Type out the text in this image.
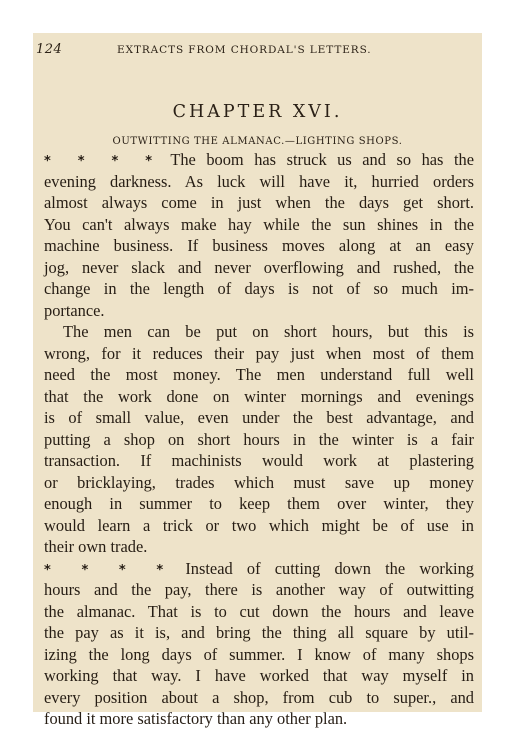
124	EXTRACTS FROM CHORDAL'S LETTERS.
CHAPTER XVI.
OUTWITTING THE ALMANAC.—LIGHTING SHOPS.
* * * * The boom has struck us and so has the
evening darkness. As luck will have it, hurried orders
almost always come in just when the days get short.
You can't always make hay while the sun shines in the
machine business. If business moves along at an easy
jog, never slack and never overflowing and rushed, the
change in the length of days is not of so much im-
portance.
The men can be put on short hours, but this is
wrong, for it reduces their pay just when most of them
need the most money. The men understand full well
that the work done on winter mornings and evenings
is of small value, even under the best advantage, and
putting a shop on short hours in the winter is a fair
transaction. If machinists would work at plastering
or bricklaying, trades which must save up money
enough in summer to keep them over winter, they
would learn a trick or two which might be of use in
their own trade.
* * * * Instead of cutting down the working
hours and the pay, there is another way of outwitting
the almanac. That is to cut down the hours and leave
the pay as it is, and bring the thing all square by util-
izing the long days of summer. I know of many shops
working that way. I have worked that way myself in
every position about a shop, from cub to super., and
found it more satisfactory than any other plan.
